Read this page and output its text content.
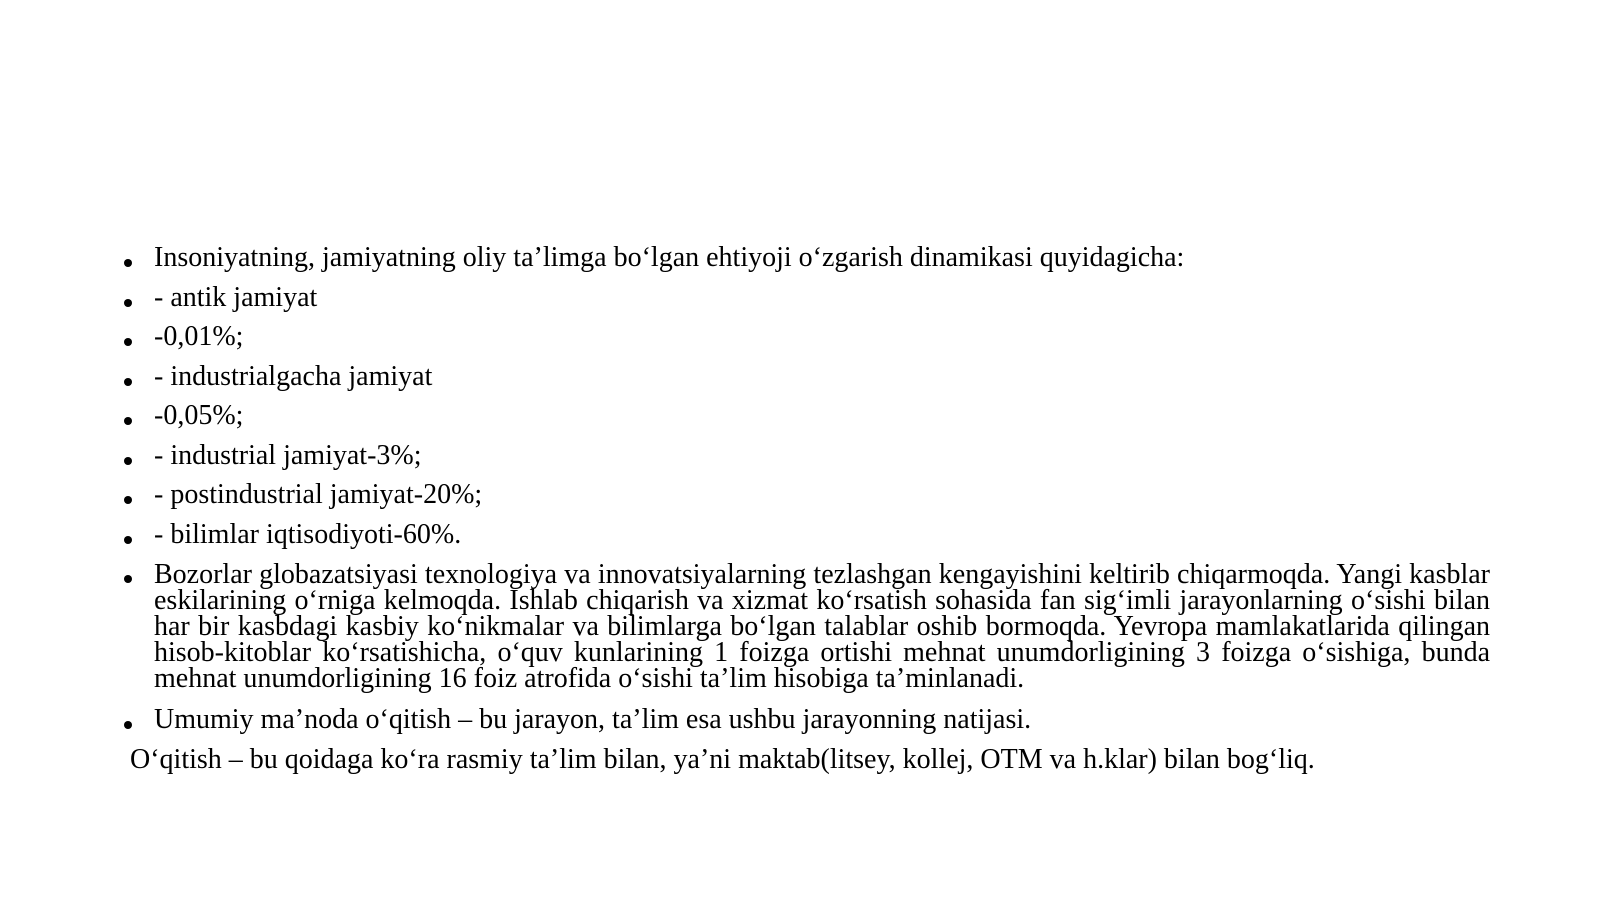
Insoniyatning, jamiyatning oliy ta’limga bo‘lgan ehtiyoji o‘zgarish dinamikasi quyidagicha:
- antik jamiyat
-0,01%;
- industrialgacha jamiyat
-0,05%;
- industrial jamiyat-3%;
- postindustrial jamiyat-20%;
- bilimlar iqtisodiyoti-60%.
Bozorlar globazatsiyasi texnologiya va innovatsiyalarning tezlashgan kengayishini keltirib chiqarmoqda. Yangi kasblar eskilarining o‘rniga kelmoqda. Ishlab chiqarish va xizmat ko‘rsatish sohasida fan sig‘imli jarayonlarning o‘sishi bilan har bir kasbdagi kasbiy ko‘nikmalar va bilimlarga bo‘lgan talablar oshib bormoqda. Yevropa mamlakatlarida qilingan hisob-kitoblar ko‘rsatishicha, o‘quv kunlarining 1 foizga ortishi mehnat unumdorligining 3 foizga o‘sishiga, bunda mehnat unumdorligining 16 foiz atrofida o‘sishi ta’lim hisobiga ta’minlanadi.
Umumiy ma’noda o‘qitish – bu jarayon, ta’lim esa ushbu jarayonning natijasi.

O‘qitish – bu qoidaga ko‘ra rasmiy ta’lim bilan, ya’ni maktab(litsey, kollej, OTM va h.klar) bilan bog‘liq.
